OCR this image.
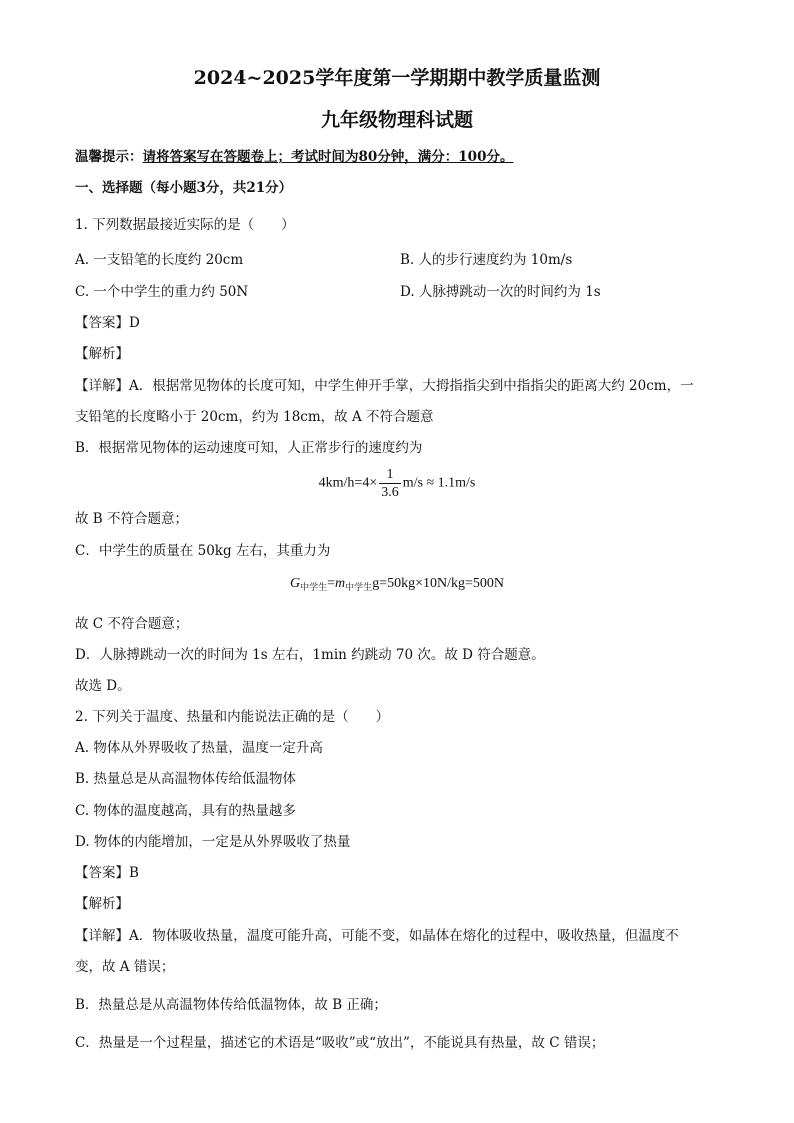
2024~2025学年度第一学期期中教学质量监测
九年级物理科试题
温馨提示：请将答案写在答题卷上；考试时间为80分钟，满分：100分。
一、选择题（每小题3分，共21分）
1. 下列数据最接近实际的是（　　）
A. 一支铅笔的长度约 20cm	B. 人的步行速度约为 10m/s
C. 一个中学生的重力约 50N	D. 人脉搏跳动一次的时间约为 1s
【答案】D
【解析】
【详解】A．根据常见物体的长度可知，中学生伸开手掌，大拇指指尖到中指指尖的距离大约 20cm，一
支铅笔的长度略小于 20cm，约为 18cm，故 A 不符合题意
B．根据常见物体的运动速度可知，人正常步行的速度约为
$4km/h=4\times \frac{1}{3.6} m/s \approx 1.1m/s$
故 B 不符合题意；
C．中学生的质量在 50kg 左右，其重力为
$G_{中学生}=m_{中学生}g=50kg\times 10N/kg=500N$
故 C 不符合题意；
D．人脉搏跳动一次的时间为 1s 左右，1min 约跳动 70 次。故 D 符合题意。
故选 D。
2. 下列关于温度、热量和内能说法正确的是（　　）
A. 物体从外界吸收了热量，温度一定升高
B. 热量总是从高温物体传给低温物体
C. 物体的温度越高，具有的热量越多
D. 物体的内能增加，一定是从外界吸收了热量
【答案】B
【解析】
【详解】A．物体吸收热量，温度可能升高，可能不变，如晶体在熔化的过程中，吸收热量，但温度不
变，故 A 错误；
B．热量总是从高温物体传给低温物体，故 B 正确；
C．热量是一个过程量，描述它的术语是“吸收”或“放出”，不能说具有热量，故 C 错误；
